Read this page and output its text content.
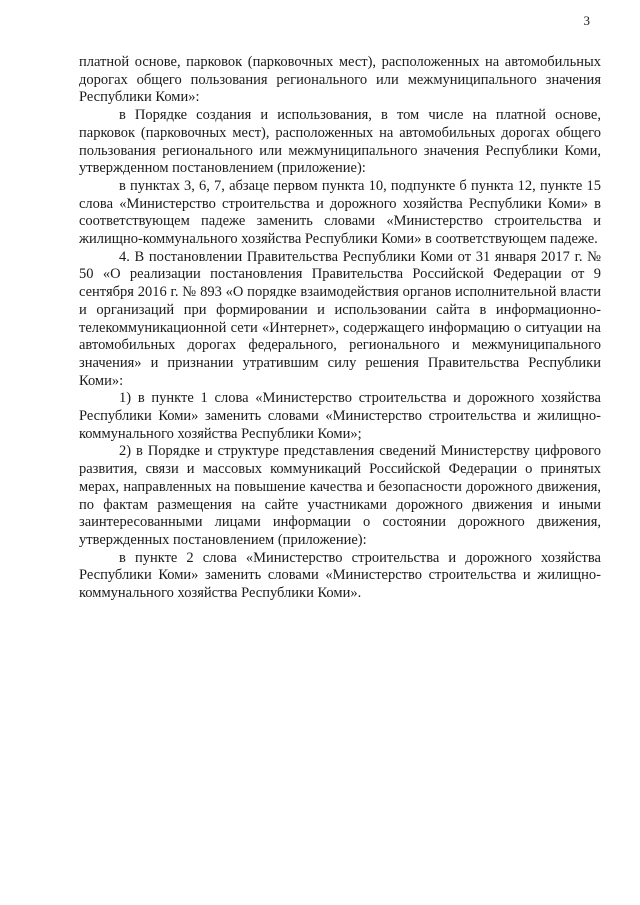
3

платной основе, парковок (парковочных мест), расположенных на автомобильных дорогах общего пользования регионального или межмуниципального значения Республики Коми»:

в Порядке создания и использования, в том числе на платной основе, парковок (парковочных мест), расположенных на автомобильных дорогах общего пользования регионального или межмуниципального значения Республики Коми, утвержденном постановлением (приложение):

в пунктах 3, 6, 7, абзаце первом пункта 10, подпункте б пункта 12, пункте 15 слова «Министерство строительства и дорожного хозяйства Республики Коми» в соответствующем падеже заменить словами «Министерство строительства и жилищно-коммунального хозяйства Республики Коми» в соответствующем падеже.

4. В постановлении Правительства Республики Коми от 31 января 2017 г. № 50 «О реализации постановления Правительства Российской Федерации от 9 сентября 2016 г. № 893 «О порядке взаимодействия органов исполнительной власти и организаций при формировании и использовании сайта в информационно-телекоммуникационной сети «Интернет», содержащего информацию о ситуации на автомобильных дорогах федерального, регионального и межмуниципального значения» и признании утратившим силу решения Правительства Республики Коми»:

1) в пункте 1 слова «Министерство строительства и дорожного хозяйства Республики Коми» заменить словами «Министерство строительства и жилищно-коммунального хозяйства Республики Коми»;

2) в Порядке и структуре представления сведений Министерству цифрового развития, связи и массовых коммуникаций Российской Федерации о принятых мерах, направленных на повышение качества и безопасности дорожного движения, по фактам размещения на сайте участниками дорожного движения и иными заинтересованными лицами информации о состоянии дорожного движения, утвержденных постановлением (приложение):

в пункте 2 слова «Министерство строительства и дорожного хозяйства Республики Коми» заменить словами «Министерство строительства и жилищно-коммунального хозяйства Республики Коми».
